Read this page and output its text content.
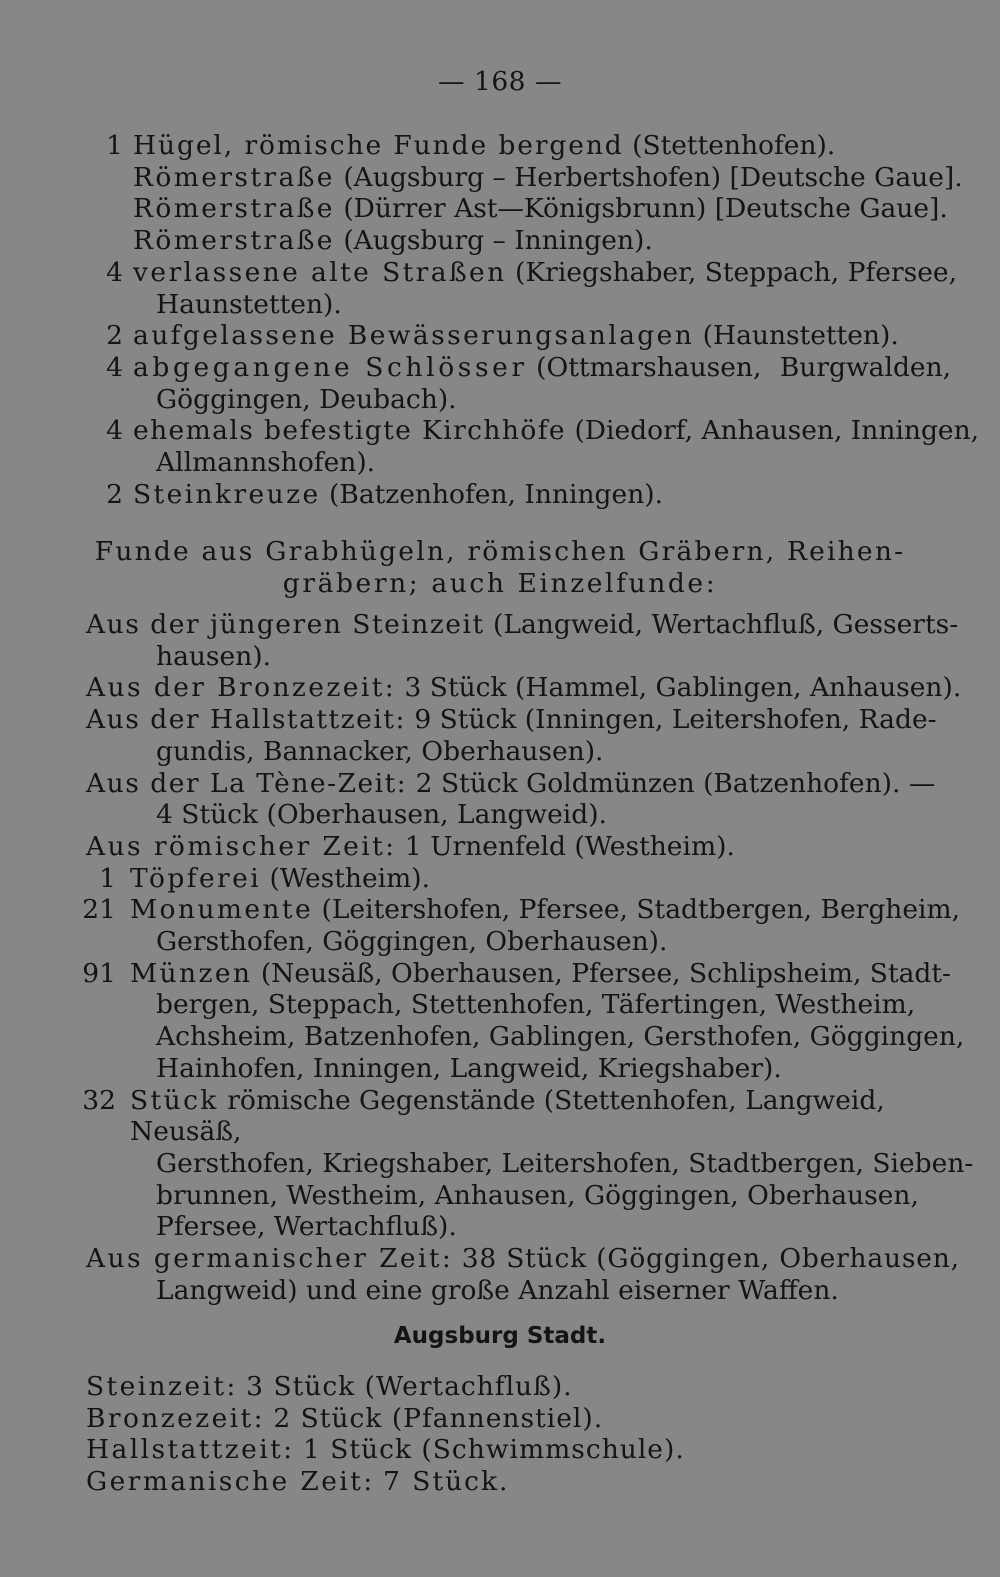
— 168 —
1 Hügel, römische Funde bergend (Stettenhofen).
Römerstraße (Augsburg – Herbertshofen) [Deutsche Gaue].
Römerstraße (Dürrer Ast—Königsbrunn) [Deutsche Gaue].
Römerstraße (Augsburg – Inningen).
4 verlassene alte Straßen (Kriegshaber, Steppach, Pfersee,
Haunstetten).
2 aufgelassene Bewässerungsanlagen (Haunstetten).
4 abgegangene Schlösser (Ottmarshausen, Burgwalden,
Göggingen, Deubach).
4 ehemals befestigte Kirchhöfe (Diedorf, Anhausen, Inningen,
Allmannshofen).
2 Steinkreuze (Batzenhofen, Inningen).
Funde aus Grabhügeln, römischen Gräbern, Reihen-
gräbern; auch Einzelfunde:
Aus der jüngeren Steinzeit (Langweid, Wertachfluß, Gesserts-
hausen).
Aus der Bronzezeit: 3 Stück (Hammel, Gablingen, Anhausen).
Aus der Hallstattzeit: 9 Stück (Inningen, Leitershofen, Rade-
gundis, Bannacker, Oberhausen).
Aus der La Tène-Zeit: 2 Stück Goldmünzen (Batzenhofen). —
4 Stück (Oberhausen, Langweid).
Aus römischer Zeit: 1 Urnenfeld (Westheim).
1 Töpferei (Westheim).
21 Monumente (Leitershofen, Pfersee, Stadtbergen, Bergheim,
Gersthofen, Göggingen, Oberhausen).
91 Münzen (Neusäß, Oberhausen, Pfersee, Schlipsheim, Stadt-
bergen, Steppach, Stettenhofen, Täfertingen, Westheim,
Achsheim, Batzenhofen, Gablingen, Gersthofen, Göggingen,
Hainhofen, Inningen, Langweid, Kriegshaber).
32 Stück römische Gegenstände (Stettenhofen, Langweid, Neusäß,
Gersthofen, Kriegshaber, Leitershofen, Stadtbergen, Sieben-
brunnen, Westheim, Anhausen, Göggingen, Oberhausen,
Pfersee, Wertachfluß).
Aus germanischer Zeit: 38 Stück (Göggingen, Oberhausen,
Langweid) und eine große Anzahl eiserner Waffen.
Augsburg Stadt.
Steinzeit: 3 Stück (Wertachfluß).
Bronzezeit: 2 Stück (Pfannenstiel).
Hallstattzeit: 1 Stück (Schwimmschule).
Germanische Zeit: 7 Stück.
